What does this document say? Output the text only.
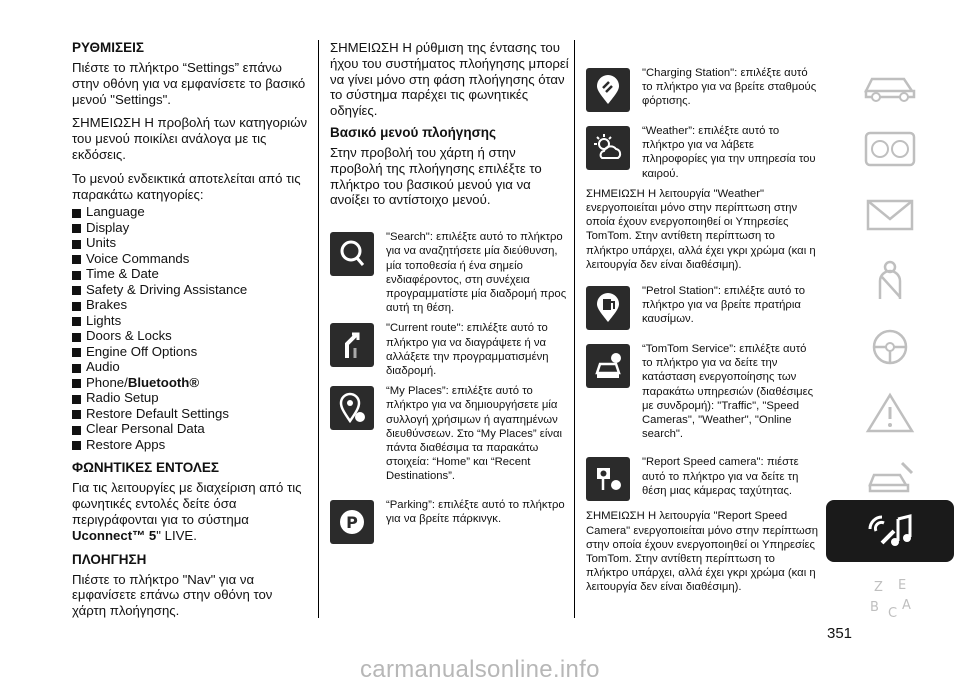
ΡΥΘΜΙΣΕΙΣ

Πιέστε το πλήκτρο “Settings” επάνω στην οθόνη για να εμφανίσετε το βασικό μενού "Settings".

ΣΗΜΕΙΩΣΗ Η προβολή των κατηγοριών του μενού ποικίλει ανάλογα με τις εκδόσεις.

Το μενού ενδεικτικά αποτελείται από τις παρακάτω κατηγορίες:

Language
Display
Units
Voice Commands
Time & Date
Safety & Driving Assistance
Brakes
Lights
Doors & Locks
Engine Off Options
Audio
Phone/ Bluetooth®
Radio Setup
Restore Default Settings
Clear Personal Data
Restore Apps
ΦΩΝΗΤΙΚΕΣ ΕΝΤΟΛΕΣ

Για τις λειτουργίες με διαχείριση από τις φωνητικές εντολές δείτε όσα περιγράφονται για το σύστημα Uconnect™ 5" LIVE.

ΠΛΟΗΓΗΣΗ

Πιέστε το πλήκτρο "Nav" για να εμφανίσετε επάνω στην οθόνη τον χάρτη πλοήγησης.

ΣΗΜΕΙΩΣΗ Η ρύθμιση της έντασης του ήχου του συστήματος πλοήγησης μπορεί να γίνει μόνο στη φάση πλοήγησης όταν το σύστημα παρέχει τις φωνητικές οδηγίες.

Βασικό μενού πλοήγησης

Στην προβολή του χάρτη ή στην προβολή της πλοήγησης επιλέξτε το πλήκτρο του βασικού μενού για να ανοίξει το αντίστοιχο μενού.

"Search": επιλέξτε αυτό το πλήκτρο για να αναζητήσετε μία διεύθυνση, μία τοποθεσία ή ένα σημείο ενδιαφέροντος, στη συνέχεια προγραμματίστε μία διαδρομή προς αυτή τη θέση.
"Current route": επιλέξτε αυτό το πλήκτρο για να διαγράψετε ή να αλλάξετε την προγραμματισμένη διαδρομή.
“My Places”: επιλέξτε αυτό το πλήκτρο για να δημιουργήσετε μία συλλογή χρήσιμων ή αγαπημένων διευθύνσεων. Στο “My Places” είναι πάντα διαθέσιμα τα παρακάτω στοιχεία: “Home” και “Recent Destinations”.
P
“Parking”: επιλέξτε αυτό το πλήκτρο για να βρείτε πάρκινγκ.
"Charging Station": επιλέξτε αυτό το πλήκτρο για να βρείτε σταθμούς φόρτισης.
“Weather”: επιλέξτε αυτό το πλήκτρο για να λάβετε πληροφορίες για την υπηρεσία του καιρού.

ΣΗΜΕΙΩΣΗ Η λειτουργία "Weather" ενεργοποιείται μόνο στην περίπτωση στην οποία έχουν ενεργοποιηθεί οι Υπηρεσίες TomTom. Στην αντίθετη περίπτωση το πλήκτρο υπάρχει, αλλά έχει γκρι χρώμα (και η λειτουργία δεν είναι διαθέσιμη).

"Petrol Station": επιλέξτε αυτό το πλήκτρο για να βρείτε πρατήρια καυσίμων.
“TomTom Service”: επιλέξτε αυτό το πλήκτρο για να δείτε την κατάσταση ενεργοποίησης των παρακάτω υπηρεσιών (διαθέσιμες με συνδρομή): "Traffic", "Speed Cameras", "Weather", "Online search".
"Report Speed camera": πιέστε αυτό το πλήκτρο για να δείτε τη θέση μιας κάμερας ταχύτητας.

ΣΗΜΕΙΩΣΗ Η λειτουργία "Report Speed Camera" ενεργοποιείται μόνο στην περίπτωση στην οποία έχουν ενεργοποιηθεί οι Υπηρεσίες TomTom. Στην αντίθετη περίπτωση το πλήκτρο υπάρχει, αλλά έχει γκρι χρώμα (και η λειτουργία δεν είναι διαθέσιμη).	Z E
B C
A
351
carmanualsonline.info
